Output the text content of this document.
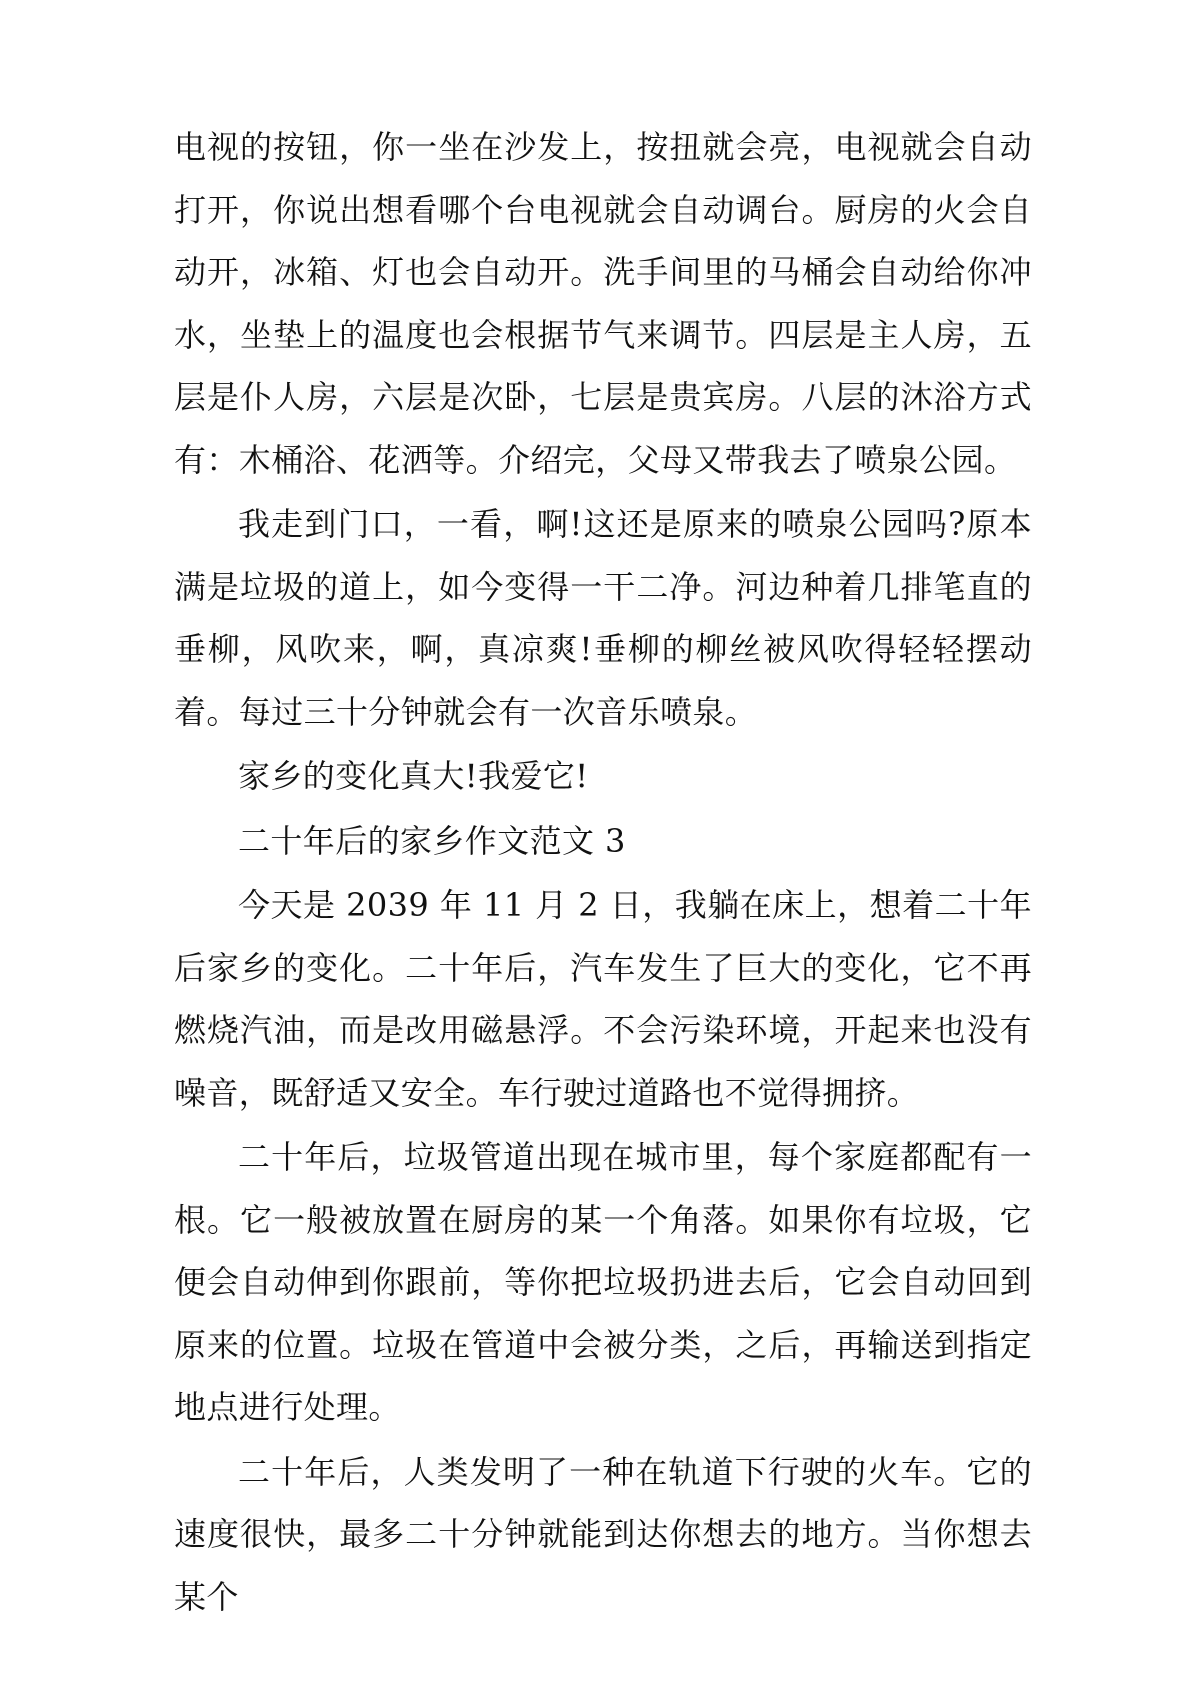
电视的按钮，你一坐在沙发上，按扭就会亮，电视就会自动打开，你说出想看哪个台电视就会自动调台。厨房的火会自动开，冰箱、灯也会自动开。洗手间里的马桶会自动给你冲水，坐垫上的温度也会根据节气来调节。四层是主人房，五层是仆人房，六层是次卧，七层是贵宾房。八层的沐浴方式有：木桶浴、花洒等。介绍完，父母又带我去了喷泉公园。

我走到门口，一看，啊!这还是原来的喷泉公园吗?原本满是垃圾的道上，如今变得一干二净。河边种着几排笔直的垂柳，风吹来，啊，真凉爽!垂柳的柳丝被风吹得轻轻摆动着。每过三十分钟就会有一次音乐喷泉。

家乡的变化真大!我爱它!

二十年后的家乡作文范文 3

今天是 2039 年 11 月 2 日，我躺在床上，想着二十年后家乡的变化。二十年后，汽车发生了巨大的变化，它不再燃烧汽油，而是改用磁悬浮。不会污染环境，开起来也没有噪音，既舒适又安全。车行驶过道路也不觉得拥挤。

二十年后，垃圾管道出现在城市里，每个家庭都配有一根。它一般被放置在厨房的某一个角落。如果你有垃圾，它便会自动伸到你跟前，等你把垃圾扔进去后，它会自动回到原来的位置。垃圾在管道中会被分类，之后，再输送到指定地点进行处理。

二十年后，人类发明了一种在轨道下行驶的火车。它的速度很快，最多二十分钟就能到达你想去的地方。当你想去某个
